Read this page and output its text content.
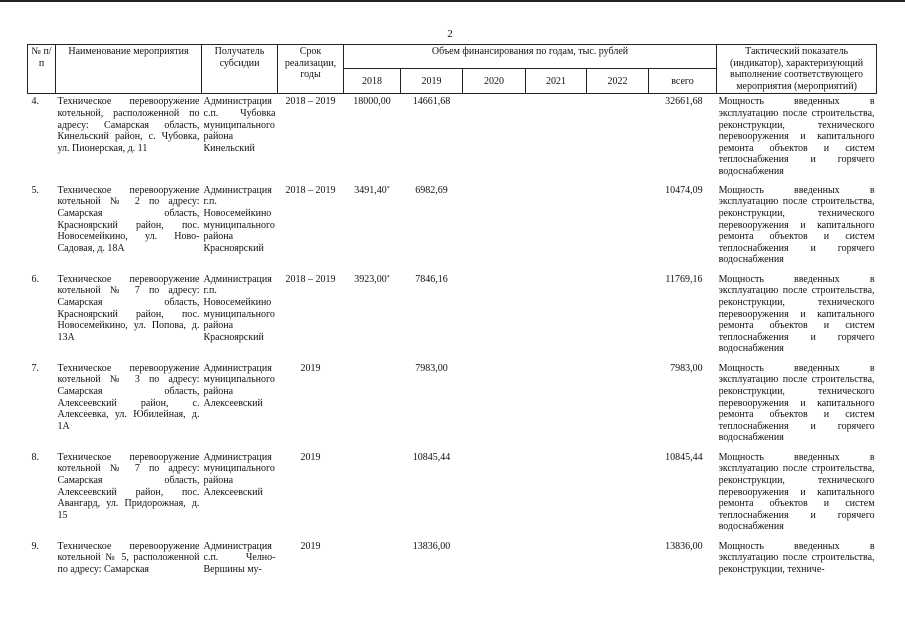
2
№ п/п	Наименование мероприятия	Получатель субсидии	Срок реализации, годы	Объем финансирования по годам, тыс. рублей						Тактический показатель (индикатор), характеризующий выполнение соответствующего мероприятия (мероприятий)
				2018	2019	2020	2021	2022	всего	
4.	Техническое перевооружение котельной, расположенной по адресу: Самарская область, Кинельский район, с. Чубовка, ул. Пионерская, д. 11	Администрация с.п. Чубовка муниципального района Кинельский	2018 – 2019	18000,00	14661,68				32661,68	Мощность введенных в эксплуатацию после строительства, реконструкции, технического перевооружения и капитального ремонта объектов и систем теплоснабжения и горячего водоснабжения
5.	Техническое перевооружение котельной № 2 по адресу: Самарская область, Красноярский район, пос. Новосемейкино, ул. Ново-Садовая, д. 18А	Администрация г.п. Новосемейкино муниципального района Красноярский	2018 – 2019	3491,40*	6982,69				10474,09	Мощность введенных в эксплуатацию после строительства, реконструкции, технического перевооружения и капитального ремонта объектов и систем теплоснабжения и горячего водоснабжения
6.	Техническое перевооружение котельной № 7 по адресу: Самарская область, Красноярский район, пос. Новосемейкино, ул. Попова, д. 13А	Администрация г.п. Новосемейкино муниципального района Красноярский	2018 – 2019	3923,00*	7846,16				11769,16	Мощность введенных в эксплуатацию после строительства, реконструкции, технического перевооружения и капитального ремонта объектов и систем теплоснабжения и горячего водоснабжения
7.	Техническое перевооружение котельной № 3 по адресу: Самарская область, Алексеевский район, с. Алексеевка, ул. Юбилейная, д. 1А	Администрация муниципального района Алексеевский	2019		7983,00				7983,00	Мощность введенных в эксплуатацию после строительства, реконструкции, технического перевооружения и капитального ремонта объектов и систем теплоснабжения и горячего водоснабжения
8.	Техническое перевооружение котельной № 7 по адресу: Самарская область, Алексеевский район, пос. Авангард, ул. Придорожная, д. 15	Администрация муниципального района Алексеевский	2019		10845,44				10845,44	Мощность введенных в эксплуатацию после строительства, реконструкции, технического перевооружения и капитального ремонта объектов и систем теплоснабжения и горячего водоснабжения
9.	Техническое перевооружение котельной № 5, расположенной по адресу: Самарская	Администрация с.п. Челно-Вершины му-	2019		13836,00				13836,00	Мощность введенных в эксплуатацию после строительства, реконструкции, техниче-
